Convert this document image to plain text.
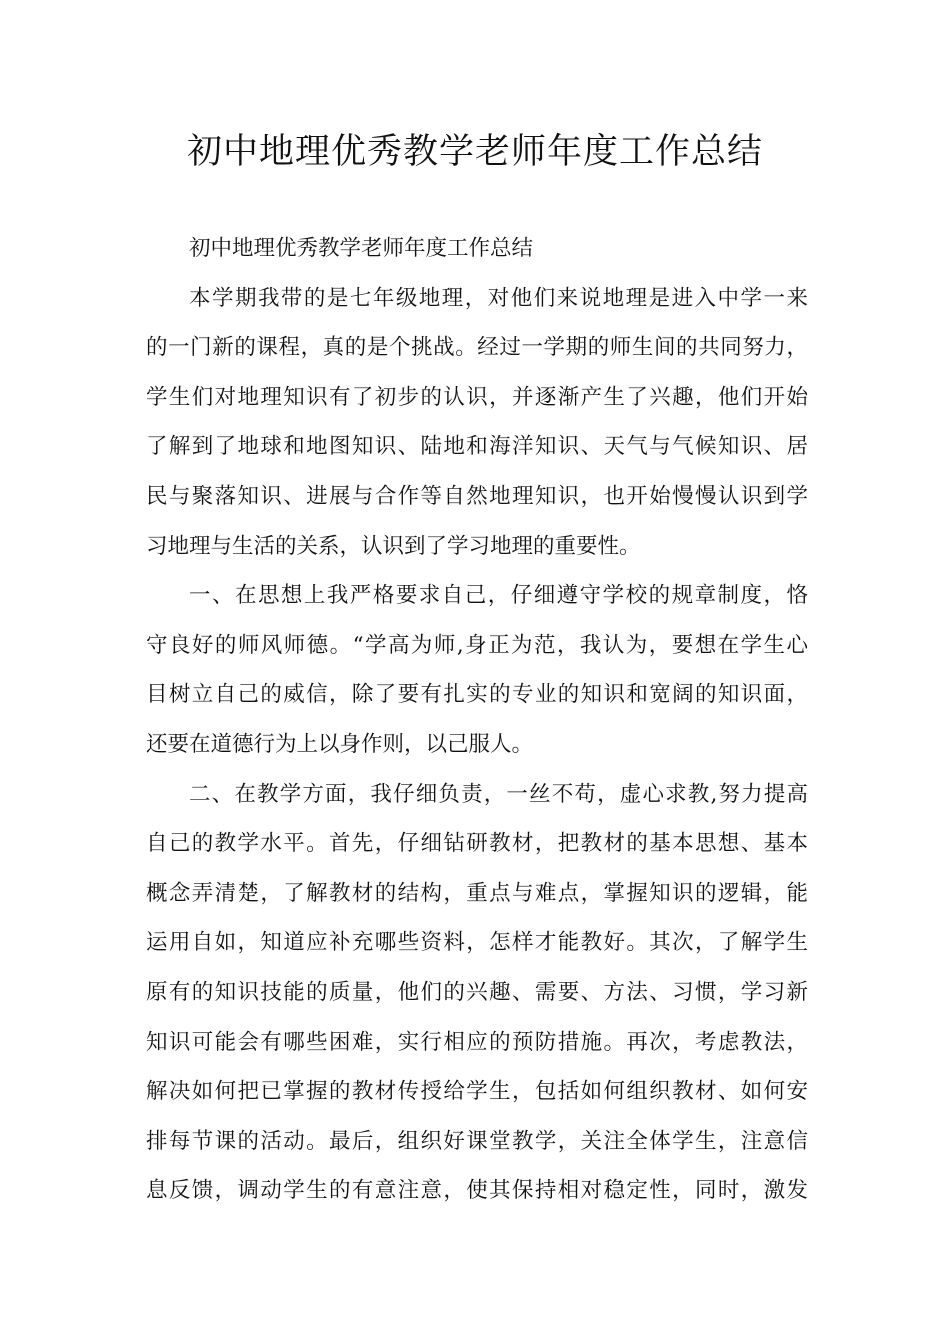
初中地理优秀教学老师年度工作总结

初中地理优秀教学老师年度工作总结

本学期我带的是七年级地理，对他们来说地理是进入中学一来
的一门新的课程，真的是个挑战。经过一学期的师生间的共同努力，
学生们对地理知识有了初步的认识，并逐渐产生了兴趣，他们开始
了解到了地球和地图知识、陆地和海洋知识、天气与气候知识、居
民与聚落知识、进展与合作等自然地理知识，也开始慢慢认识到学
习地理与生活的关系，认识到了学习地理的重要性。

一、在思想上我严格要求自己，仔细遵守学校的规章制度，恪
守良好的师风师德。“学高为师,身正为范，我认为，要想在学生心
目树立自己的威信，除了要有扎实的专业的知识和宽阔的知识面，
还要在道德行为上以身作则，以己服人。

二、在教学方面，我仔细负责，一丝不苟，虚心求教,努力提高
自己的教学水平。首先，仔细钻研教材，把教材的基本思想、基本
概念弄清楚，了解教材的结构，重点与难点，掌握知识的逻辑，能
运用自如，知道应补充哪些资料，怎样才能教好。其次，了解学生
原有的知识技能的质量，他们的兴趣、需要、方法、习惯，学习新
知识可能会有哪些困难，实行相应的预防措施。再次，考虑教法，
解决如何把已掌握的教材传授给学生，包括如何组织教材、如何安
排每节课的活动。最后，组织好课堂教学，关注全体学生，注意信
息反馈，调动学生的有意注意，使其保持相对稳定性，同时，激发
